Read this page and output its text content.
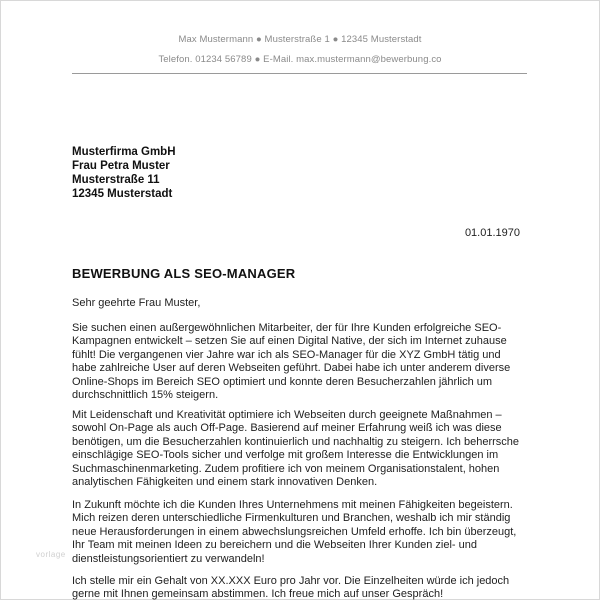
Max Mustermann ● Musterstraße 1 ● 12345 Musterstadt
Telefon. 01234 56789 ● E-Mail. max.mustermann@bewerbung.co
Musterfirma GmbH
Frau Petra Muster
Musterstraße 11
12345 Musterstadt
01.01.1970
BEWERBUNG ALS SEO-MANAGER
Sehr geehrte Frau Muster,
Sie suchen einen außergewöhnlichen Mitarbeiter, der für Ihre Kunden erfolgreiche SEO-
Kampagnen entwickelt – setzen Sie auf einen Digital Native, der sich im Internet zuhause
fühlt! Die vergangenen vier Jahre war ich als SEO-Manager für die XYZ GmbH tätig und
habe zahlreiche User auf deren Webseiten geführt. Dabei habe ich unter anderem diverse
Online-Shops im Bereich SEO optimiert und konnte deren Besucherzahlen jährlich um
durchschnittlich 15% steigern.
Mit Leidenschaft und Kreativität optimiere ich Webseiten durch geeignete Maßnahmen –
sowohl On-Page als auch Off-Page. Basierend auf meiner Erfahrung weiß ich was diese
benötigen, um die Besucherzahlen kontinuierlich und nachhaltig zu steigern. Ich beherrsche
einschlägige SEO-Tools sicher und verfolge mit großem Interesse die Entwicklungen im
Suchmaschinenmarketing. Zudem profitiere ich von meinem Organisationstalent, hohen
analytischen Fähigkeiten und einem stark innovativen Denken.
In Zukunft möchte ich die Kunden Ihres Unternehmens mit meinen Fähigkeiten begeistern.
Mich reizen deren unterschiedliche Firmenkulturen und Branchen, weshalb ich mir ständig
neue Herausforderungen in einem abwechslungsreichen Umfeld erhoffe. Ich bin überzeugt,
Ihr Team mit meinen Ideen zu bereichern und die Webseiten Ihrer Kunden ziel- und
dienstleistungsorientiert zu verwandeln!
Ich stelle mir ein Gehalt von XX.XXX Euro pro Jahr vor. Die Einzelheiten würde ich jedoch
gerne mit Ihnen gemeinsam abstimmen. Ich freue mich auf unser Gespräch!
vorlage
